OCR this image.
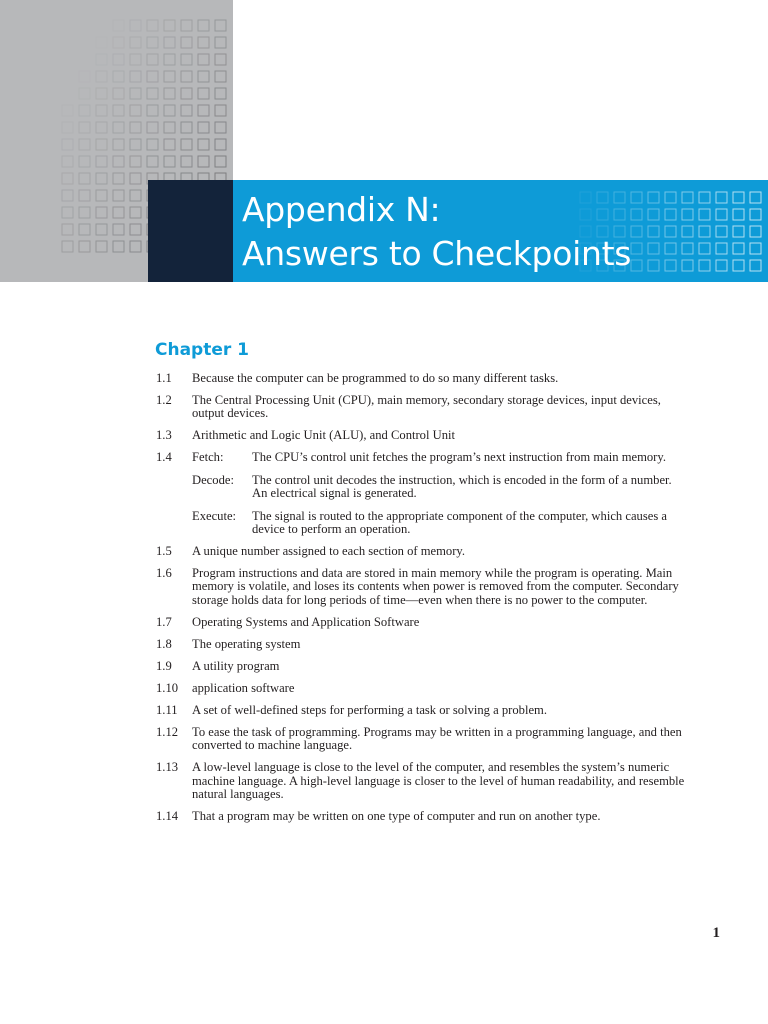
Appendix N:
Answers to Checkpoints
Chapter 1
1.1	Because the computer can be programmed to do so many different tasks.
1.2	The Central Processing Unit (CPU), main memory, secondary storage devices, input devices, output devices.
1.3	Arithmetic and Logic Unit (ALU), and Control Unit
1.4	Fetch:	The CPU’s control unit fetches the program’s next instruction from main memory.
Decode:	The control unit decodes the instruction, which is encoded in the form of a number. An electrical signal is generated.
Execute:	The signal is routed to the appropriate component of the computer, which causes a device to perform an operation.
1.5	A unique number assigned to each section of memory.
1.6	Program instructions and data are stored in main memory while the program is operating. Main memory is volatile, and loses its contents when power is removed from the computer. Secondary storage holds data for long periods of time—even when there is no power to the computer.
1.7	Operating Systems and Application Software
1.8	The operating system
1.9	A utility program
1.10	application software
1.11	A set of well-defined steps for performing a task or solving a problem.
1.12	To ease the task of programming. Programs may be written in a programming language, and then converted to machine language.
1.13	A low-level language is close to the level of the computer, and resembles the system’s numeric machine language. A high-level language is closer to the level of human readability, and resemble natural languages.
1.14	That a program may be written on one type of computer and run on another type.
1
